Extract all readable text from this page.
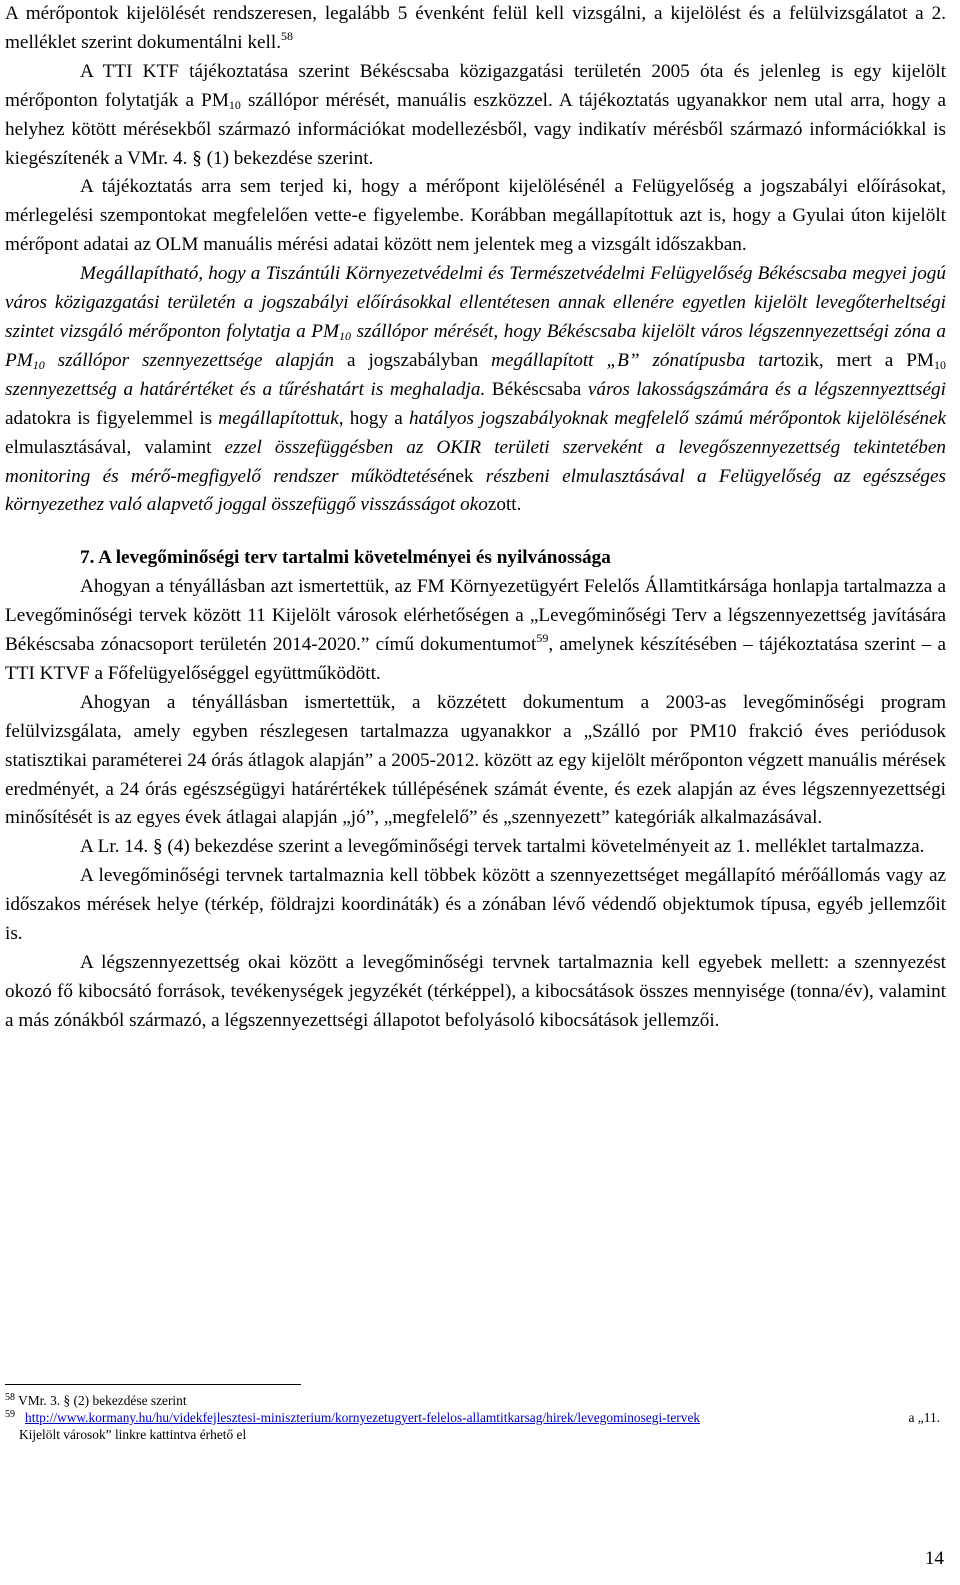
A mérőpontok kijelölését rendszeresen, legalább 5 évenként felül kell vizsgálni, a kijelölést és a felülvizsgálatot a 2. melléklet szerint dokumentálni kell.$^{58}$

A TTI KTF tájékoztatása szerint Békéscsaba közigazgatási területén 2005 óta és jelenleg is egy kijelölt mérőponton folytatják a $PM_{10}$ szállópor mérését, manuális eszközzel. A tájékoztatás ugyanakkor nem utal arra, hogy a helyhez kötött mérésekből származó információkat modellezésből, vagy indikatív mérésből származó információkkal is kiegészítenék a VMr. 4. § (1) bekezdése szerint.

A tájékoztatás arra sem terjed ki, hogy a mérőpont kijelölésénél a Felügyelőség a jogszabályi előírásokat, mérlegelési szempontokat megfelelően vette-e figyelembe. Korábban megállapítottuk azt is, hogy a Gyulai úton kijelölt mérőpont adatai az OLM manuális mérési adatai között nem jelentek meg a vizsgált időszakban.

Megállapítható, hogy a Tiszántúli Környezetvédelmi és Természetvédelmi Felügyelőség Békéscsaba megyei jogú város közigazgatási területén a jogszabályi előírásokkal ellentétesen annak ellenére egyetlen kijelölt levegőterheltségi szintet vizsgáló mérőponton folytatja a $PM_{10}$ szállópor mérését, hogy Békéscsaba kijelölt város légszennyezettségi zóna a $PM_{10}$ szállópor szennyezettsége alapján a jogszabályban megállapított „B” zónatípusba tartozik, mert a $PM_{10}$ szennyezettség a határértéket és a tűréshatárt is meghaladja. Békéscsaba város lakosságszámára és a légszennyezttségi adatokra is figyelemmel is megállapítottuk, hogy a hatályos jogszabályoknak megfelelő számú mérőpontok kijelölésének elmulasztásával, valamint ezzel összefüggésben az OKIR területi szerveként a levegőszennyezettség tekintetében monitoring és mérő-megfigyelő rendszer működtetésének részbeni elmulasztásával a Felügyelőség az egészséges környezethez való alapvető joggal összefüggő visszásságot okozott.

7. A levegőminőségi terv tartalmi követelményei és nyilvánossága

Ahogyan a tényállásban azt ismertettük, az FM Környezetügyért Felelős Államtitkársága honlapja tartalmazza a Levegőminőségi tervek között 11 Kijelölt városok elérhetőségen a „Levegőminőségi Terv a légszennyezettség javítására Békéscsaba zónacsoport területén 2014-2020.” című dokumentumot$^{59}$, amelynek készítésében – tájékoztatása szerint – a TTI KTVF a Főfelügyelőséggel együttműködött.

Ahogyan a tényállásban ismertettük, a közzétett dokumentum a 2003-as levegőminőségi program felülvizsgálata, amely egyben részlegesen tartalmazza ugyanakkor a „Szálló por PM10 frakció éves periódusok statisztikai paraméterei 24 órás átlagok alapján” a 2005-2012. között az egy kijelölt mérőponton végzett manuális mérések eredményét, a 24 órás egészségügyi határértékek túllépésének számát évente, és ezek alapján az éves légszennyezettségi minősítését is az egyes évek átlagai alapján „jó”, „megfelelő” és „szennyezett” kategóriák alkalmazásával.

A Lr. 14. § (4) bekezdése szerint a levegőminőségi tervek tartalmi követelményeit az 1. melléklet tartalmazza.

A levegőminőségi tervnek tartalmaznia kell többek között a szennyezettséget megállapító mérőállomás vagy az időszakos mérések helye (térkép, földrajzi koordináták) és a zónában lévő védendő objektumok típusa, egyéb jellemzőit is.

A légszennyezettség okai között a levegőminőségi tervnek tartalmaznia kell egyebek mellett: a szennyezést okozó fő kibocsátó források, tevékenységek jegyzékét (térképpel), a kibocsátások összes mennyisége (tonna/év), valamint a más zónákból származó, a légszennyezettségi állapotot befolyásoló kibocsátások jellemzői.

$^{58}$ VMr. 3. § (2) bekezdése szerint

$^{59}$ http://www.kormany.hu/hu/videkfejlesztesi-miniszterium/kornyezetugyert-felelos-allamtitkarsag/hirek/levegominosegi-tervek	a „11.

Kijelölt városok” linkre kattintva érhető el

14
